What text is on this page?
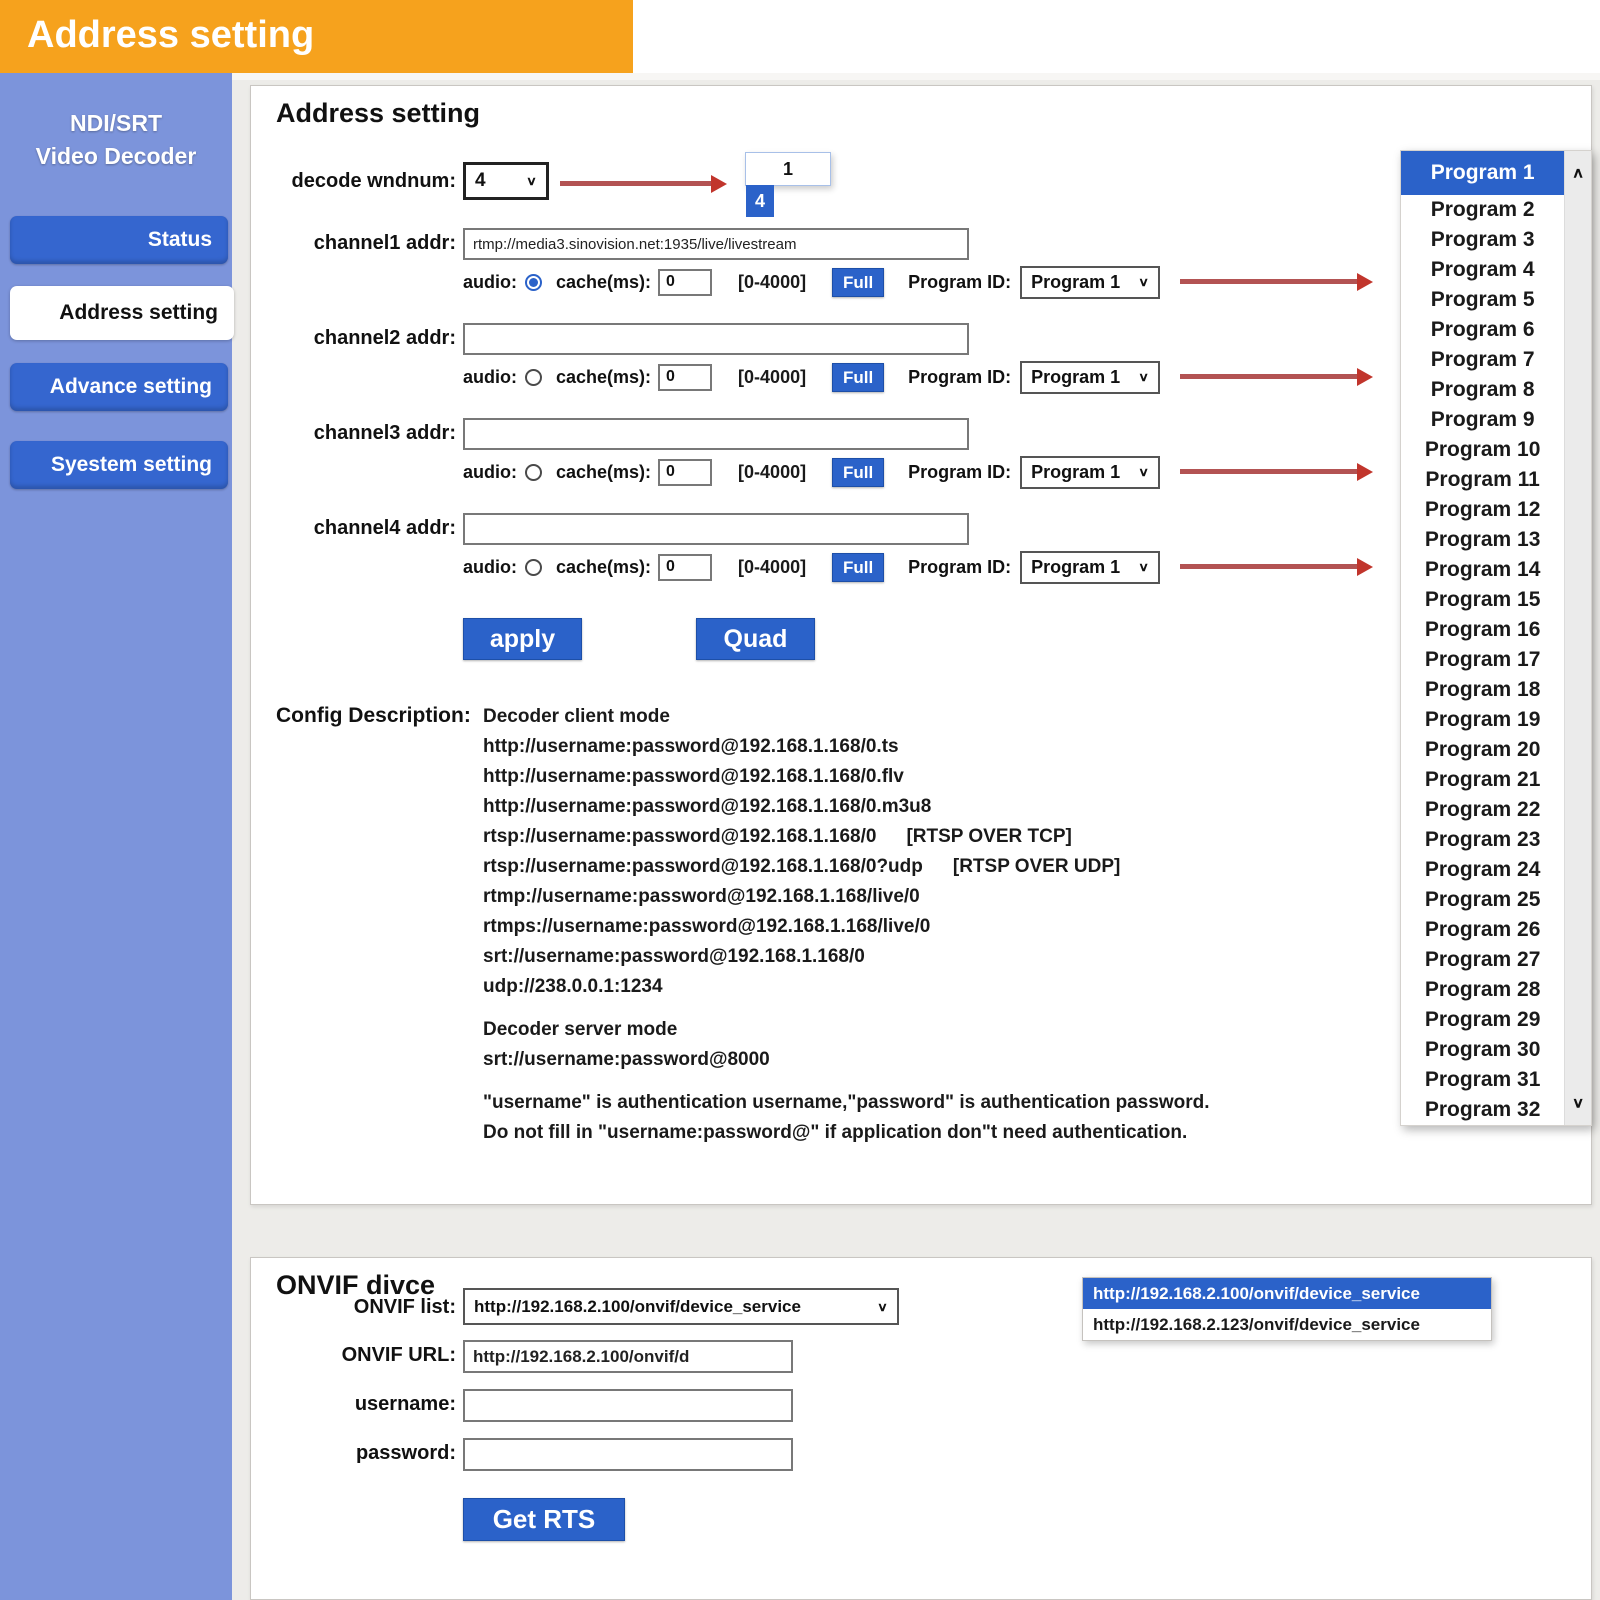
Address setting
NDI/SRT
Video Decoder
Status
Address setting
Advance setting
Syestem setting
Address setting
decode wndnum: 4	∨
channel1 addr: rtmp://media3.sinovision.net:1935/live/livestream
audio: cache(ms): 0	[0-4000]	Full	Program ID: Program 1 ∨
channel2 addr:
audio: cache(ms): 0	[0-4000]	Full	Program ID: Program 1 ∨
channel3 addr:
audio: cache(ms): 0	[0-4000]	Full	Program ID: Program 1 ∨
channel4 addr:
audio: cache(ms): 0	[0-4000]	Full	Program ID: Program 1 ∨
apply	Quad
Config Description: Decoder client mode
http://username:password@192.168.1.168/0.ts
http://username:password@192.168.1.168/0.flv
http://username:password@192.168.1.168/0.m3u8
rtsp://username:password@192.168.1.168/0 [RTSP OVER TCP]
rtsp://username:password@192.168.1.168/0?udp [RTSP OVER UDP]
rtmp://username:password@192.168.1.168/live/0
rtmps://username:password@192.168.1.168/live/0
srt://username:password@192.168.1.168/0
udp://238.0.0.1:1234
Decoder server mode
srt://username:password@8000
"username" is authentication username,"password" is authentication password.
Do not fill in "username:password@" if application don"t need authentication.
1
4
Program 1
Program 2
Program 3
Program 4
Program 5
Program 6
Program 7
Program 8
Program 9
Program 10
Program 11
Program 12
Program 13
Program 14
Program 15
Program 16
Program 17
Program 18
Program 19
Program 20
Program 21
Program 22
Program 23
Program 24
Program 25
Program 26
Program 27
Program 28
Program 29
Program 30
Program 31
Program 32
∧
∨
ONVIF divce
ONVIF list: http://192.168.2.100/onvif/device_service	∨
ONVIF URL: http://192.168.2.100/onvif/d
username:
password:
Get RTS
http://192.168.2.100/onvif/device_service
http://192.168.2.123/onvif/device_service
